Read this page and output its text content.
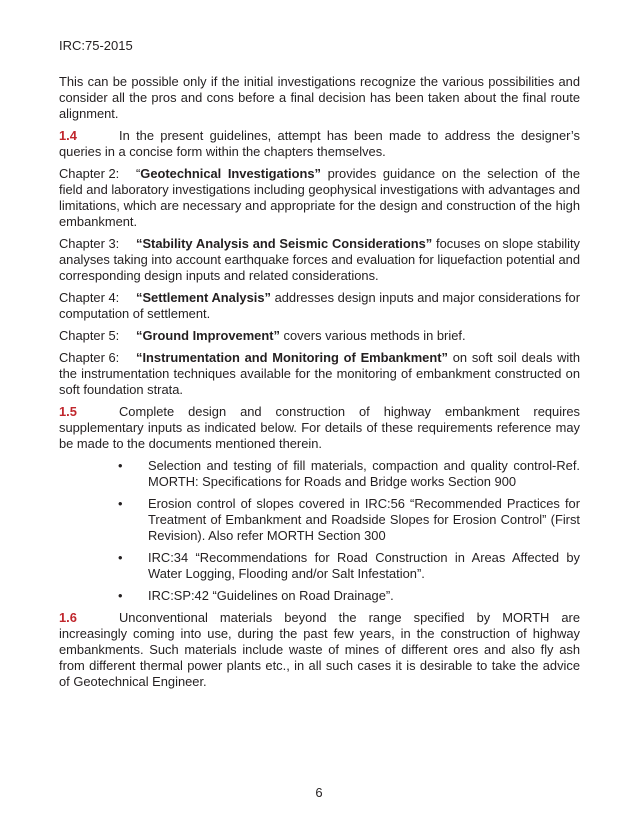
IRC:75-2015

This can be possible only if the initial investigations recognize the various possibilities and consider all the pros and cons before a final decision has been taken about the final route alignment.

1.4	In the present guidelines, attempt has been made to address the designer’s queries in a concise form within the chapters themselves.

Chapter 2: “Geotechnical Investigations” provides guidance on the selection of the field and laboratory investigations including geophysical investigations with advantages and limitations, which are necessary and appropriate for the design and construction of the high embankment.

Chapter 3: “Stability Analysis and Seismic Considerations” focuses on slope stability analyses taking into account earthquake forces and evaluation for liquefaction potential and corresponding design inputs and related considerations.

Chapter 4: “Settlement Analysis” addresses design inputs and major considerations for computation of settlement.

Chapter 5: “Ground Improvement” covers various methods in brief.

Chapter 6: “Instrumentation and Monitoring of Embankment” on soft soil deals with the instrumentation techniques available for the monitoring of embankment constructed on soft foundation strata.

1.5	Complete design and construction of highway embankment requires supplementary inputs as indicated below. For details of these requirements reference may be made to the documents mentioned therein.

• Selection and testing of fill materials, compaction and quality control-Ref. MORTH: Specifications for Roads and Bridge works Section 900
• Erosion control of slopes covered in IRC:56 “Recommended Practices for Treatment of Embankment and Roadside Slopes for Erosion Control” (First Revision). Also refer MORTH Section 300
• IRC:34 “Recommendations for Road Construction in Areas Affected by Water Logging, Flooding and/or Salt Infestation”.
• IRC:SP:42 “Guidelines on Road Drainage”.

1.6	Unconventional materials beyond the range specified by MORTH are increasingly coming into use, during the past few years, in the construction of highway embankments. Such materials include waste of mines of different ores and also fly ash from different thermal power plants etc., in all such cases it is desirable to take the advice of Geotechnical Engineer.

6
